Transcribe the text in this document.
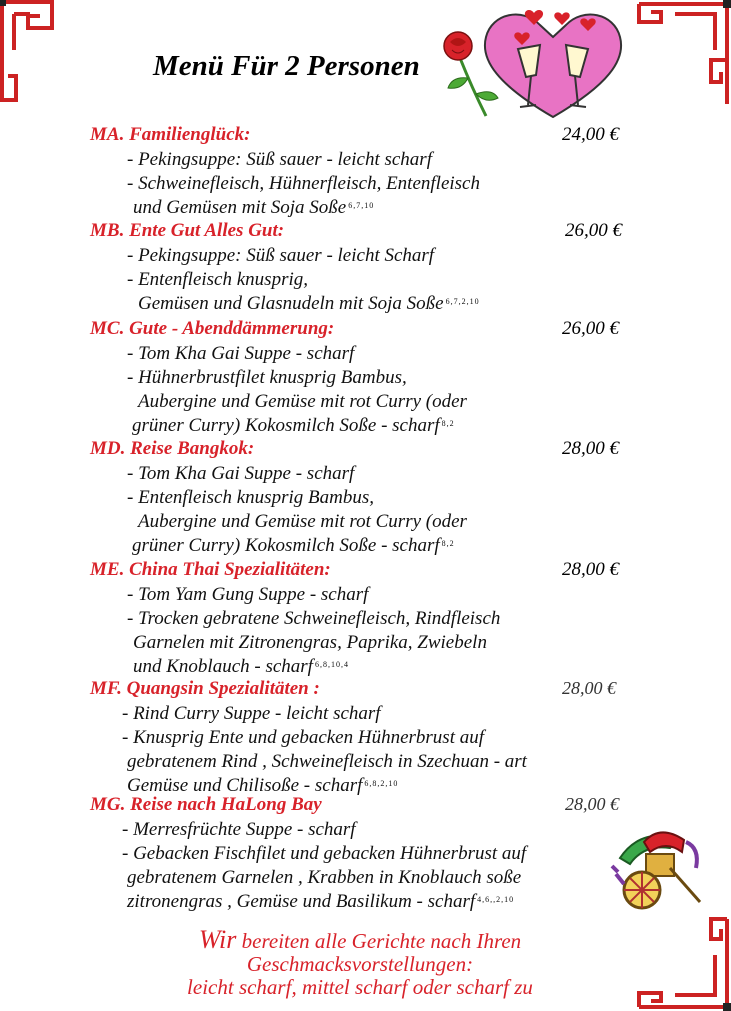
Menü Für 2 Personen
MA. Familienglück:	24,00 €
- Pekingsuppe: Süß sauer - leicht scharf
- Schweinefleisch, Hühnerfleisch, Entenfleisch
und Gemüsen mit Soja Soße $^{6,7,10}$
MB. Ente Gut Alles Gut:	26,00 €
- Pekingsuppe: Süß sauer - leicht Scharf
- Entenfleisch knusprig,
Gemüsen und Glasnudeln mit Soja Soße $^{6,7,2,10}$
MC. Gute - Abenddämmerung:	26,00 €
- Tom Kha Gai Suppe - scharf
- Hühnerbrustfilet knusprig Bambus,
Aubergine und Gemüse mit rot Curry (oder
grüner Curry) Kokosmilch Soße - scharf $^{8,2}$
MD. Reise Bangkok:	28,00 €
- Tom Kha Gai Suppe - scharf
- Entenfleisch knusprig Bambus,
Aubergine und Gemüse mit rot Curry (oder
grüner Curry) Kokosmilch Soße - scharf $^{8,2}$
ME. China Thai Spezialitäten:	28,00 €
- Tom Yam Gung Suppe - scharf
- Trocken gebratene Schweinefleisch, Rindfleisch
Garnelen mit Zitronengras, Paprika, Zwiebeln
und Knoblauch - scharf $^{6,8,10,4}$
MF. Quangsin Spezialitäten :	28,00 €
- Rind Curry Suppe - leicht scharf
- Knusprig Ente und gebacken Hühnerbrust auf
gebratenem Rind , Schweinefleisch in Szechuan - art
Gemüse und Chilisoße - scharf $^{6,8,2,10}$
MG. Reise nach HaLong Bay	28,00 €
- Merresfrüchte Suppe - scharf
- Gebacken Fischfilet und gebacken Hühnerbrust auf
gebratenem Garnelen , Krabben in Knoblauch soße
zitronengras , Gemüse und Basilikum - scharf $^{4,6,,2,10}$
Wir bereiten alle Gerichte nach Ihren
Geschmacksvorstellungen:
leicht scharf, mittel scharf oder scharf zu
